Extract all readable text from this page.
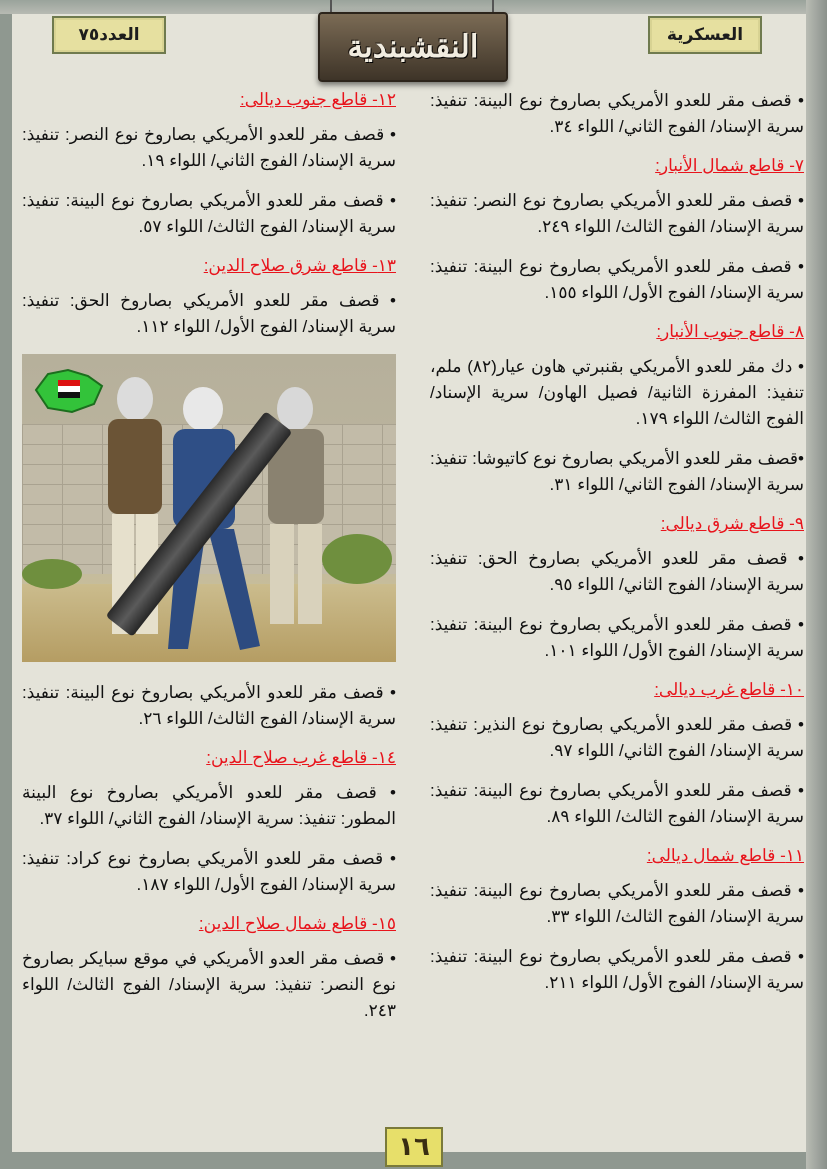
العدد٧٥	النقشبندية	العسكرية

• قصف مقر للعدو الأمريكي بصاروخ نوع البينة: تنفيذ: سرية الإسناد/ الفوج الثاني/ اللواء ٣٤.

٧- قاطع شمال الأنبار:

• قصف مقر للعدو الأمريكي بصاروخ نوع النصر: تنفيذ: سرية الإسناد/ الفوج الثالث/ اللواء ٢٤٩.

• قصف مقر للعدو الأمريكي بصاروخ نوع البينة: تنفيذ: سرية الإسناد/ الفوج الأول/ اللواء ١٥٥.

٨- قاطع جنوب الأنبار:

• دك مقر للعدو الأمريكي بقنبرتي هاون عيار(٨٢) ملم، تنفيذ: المفرزة الثانية/ فصيل الهاون/ سرية الإسناد/ الفوج الثالث/ اللواء ١٧٩.

•قصف مقر للعدو الأمريكي بصاروخ نوع كاتيوشا: تنفيذ: سرية الإسناد/ الفوج الثاني/ اللواء ٣١.

٩- قاطع شرق ديالى:

• قصف مقر للعدو الأمريكي بصاروخ الحق: تنفيذ: سرية الإسناد/ الفوج الثاني/ اللواء ٩٥.

• قصف مقر للعدو الأمريكي بصاروخ نوع البينة: تنفيذ: سرية الإسناد/ الفوج الأول/ اللواء ١٠١.

١٠- قاطع غرب ديالى:

• قصف مقر للعدو الأمريكي بصاروخ نوع النذير: تنفيذ: سرية الإسناد/ الفوج الثاني/ اللواء ٩٧.

• قصف مقر للعدو الأمريكي بصاروخ نوع البينة: تنفيذ: سرية الإسناد/ الفوج الثالث/ اللواء ٨٩.

١١- قاطع شمال ديالى:

• قصف مقر للعدو الأمريكي بصاروخ نوع البينة: تنفيذ: سرية الإسناد/ الفوج الثالث/ اللواء ٣٣.

• قصف مقر للعدو الأمريكي بصاروخ نوع البينة: تنفيذ: سرية الإسناد/ الفوج الأول/ اللواء ٢١١.

١٢- قاطع جنوب ديالى:

• قصف مقر للعدو الأمريكي بصاروخ نوع النصر: تنفيذ: سرية الإسناد/ الفوج الثاني/ اللواء ١٩.

• قصف مقر للعدو الأمريكي بصاروخ نوع البينة: تنفيذ: سرية الإسناد/ الفوج الثالث/ اللواء ٥٧.

١٣- قاطع شرق صلاح الدين:

• قصف مقر للعدو الأمريكي بصاروخ الحق: تنفيذ: سرية الإسناد/ الفوج الأول/ اللواء ١١٢.

• قصف مقر للعدو الأمريكي بصاروخ نوع البينة: تنفيذ: سرية الإسناد/ الفوج الثالث/ اللواء ٢٦.

١٤- قاطع غرب صلاح الدين:

• قصف مقر للعدو الأمريكي بصاروخ نوع البينة المطور: تنفيذ: سرية الإسناد/ الفوج الثاني/ اللواء ٣٧.

• قصف مقر للعدو الأمريكي بصاروخ نوع كراد: تنفيذ: سرية الإسناد/ الفوج الأول/ اللواء ١٨٧.

١٥- قاطع شمال صلاح الدين:

• قصف مقر العدو الأمريكي في موقع سبايكر بصاروخ نوع النصر: تنفيذ: سرية الإسناد/ الفوج الثالث/ اللواء ٢٤٣.

١٦
